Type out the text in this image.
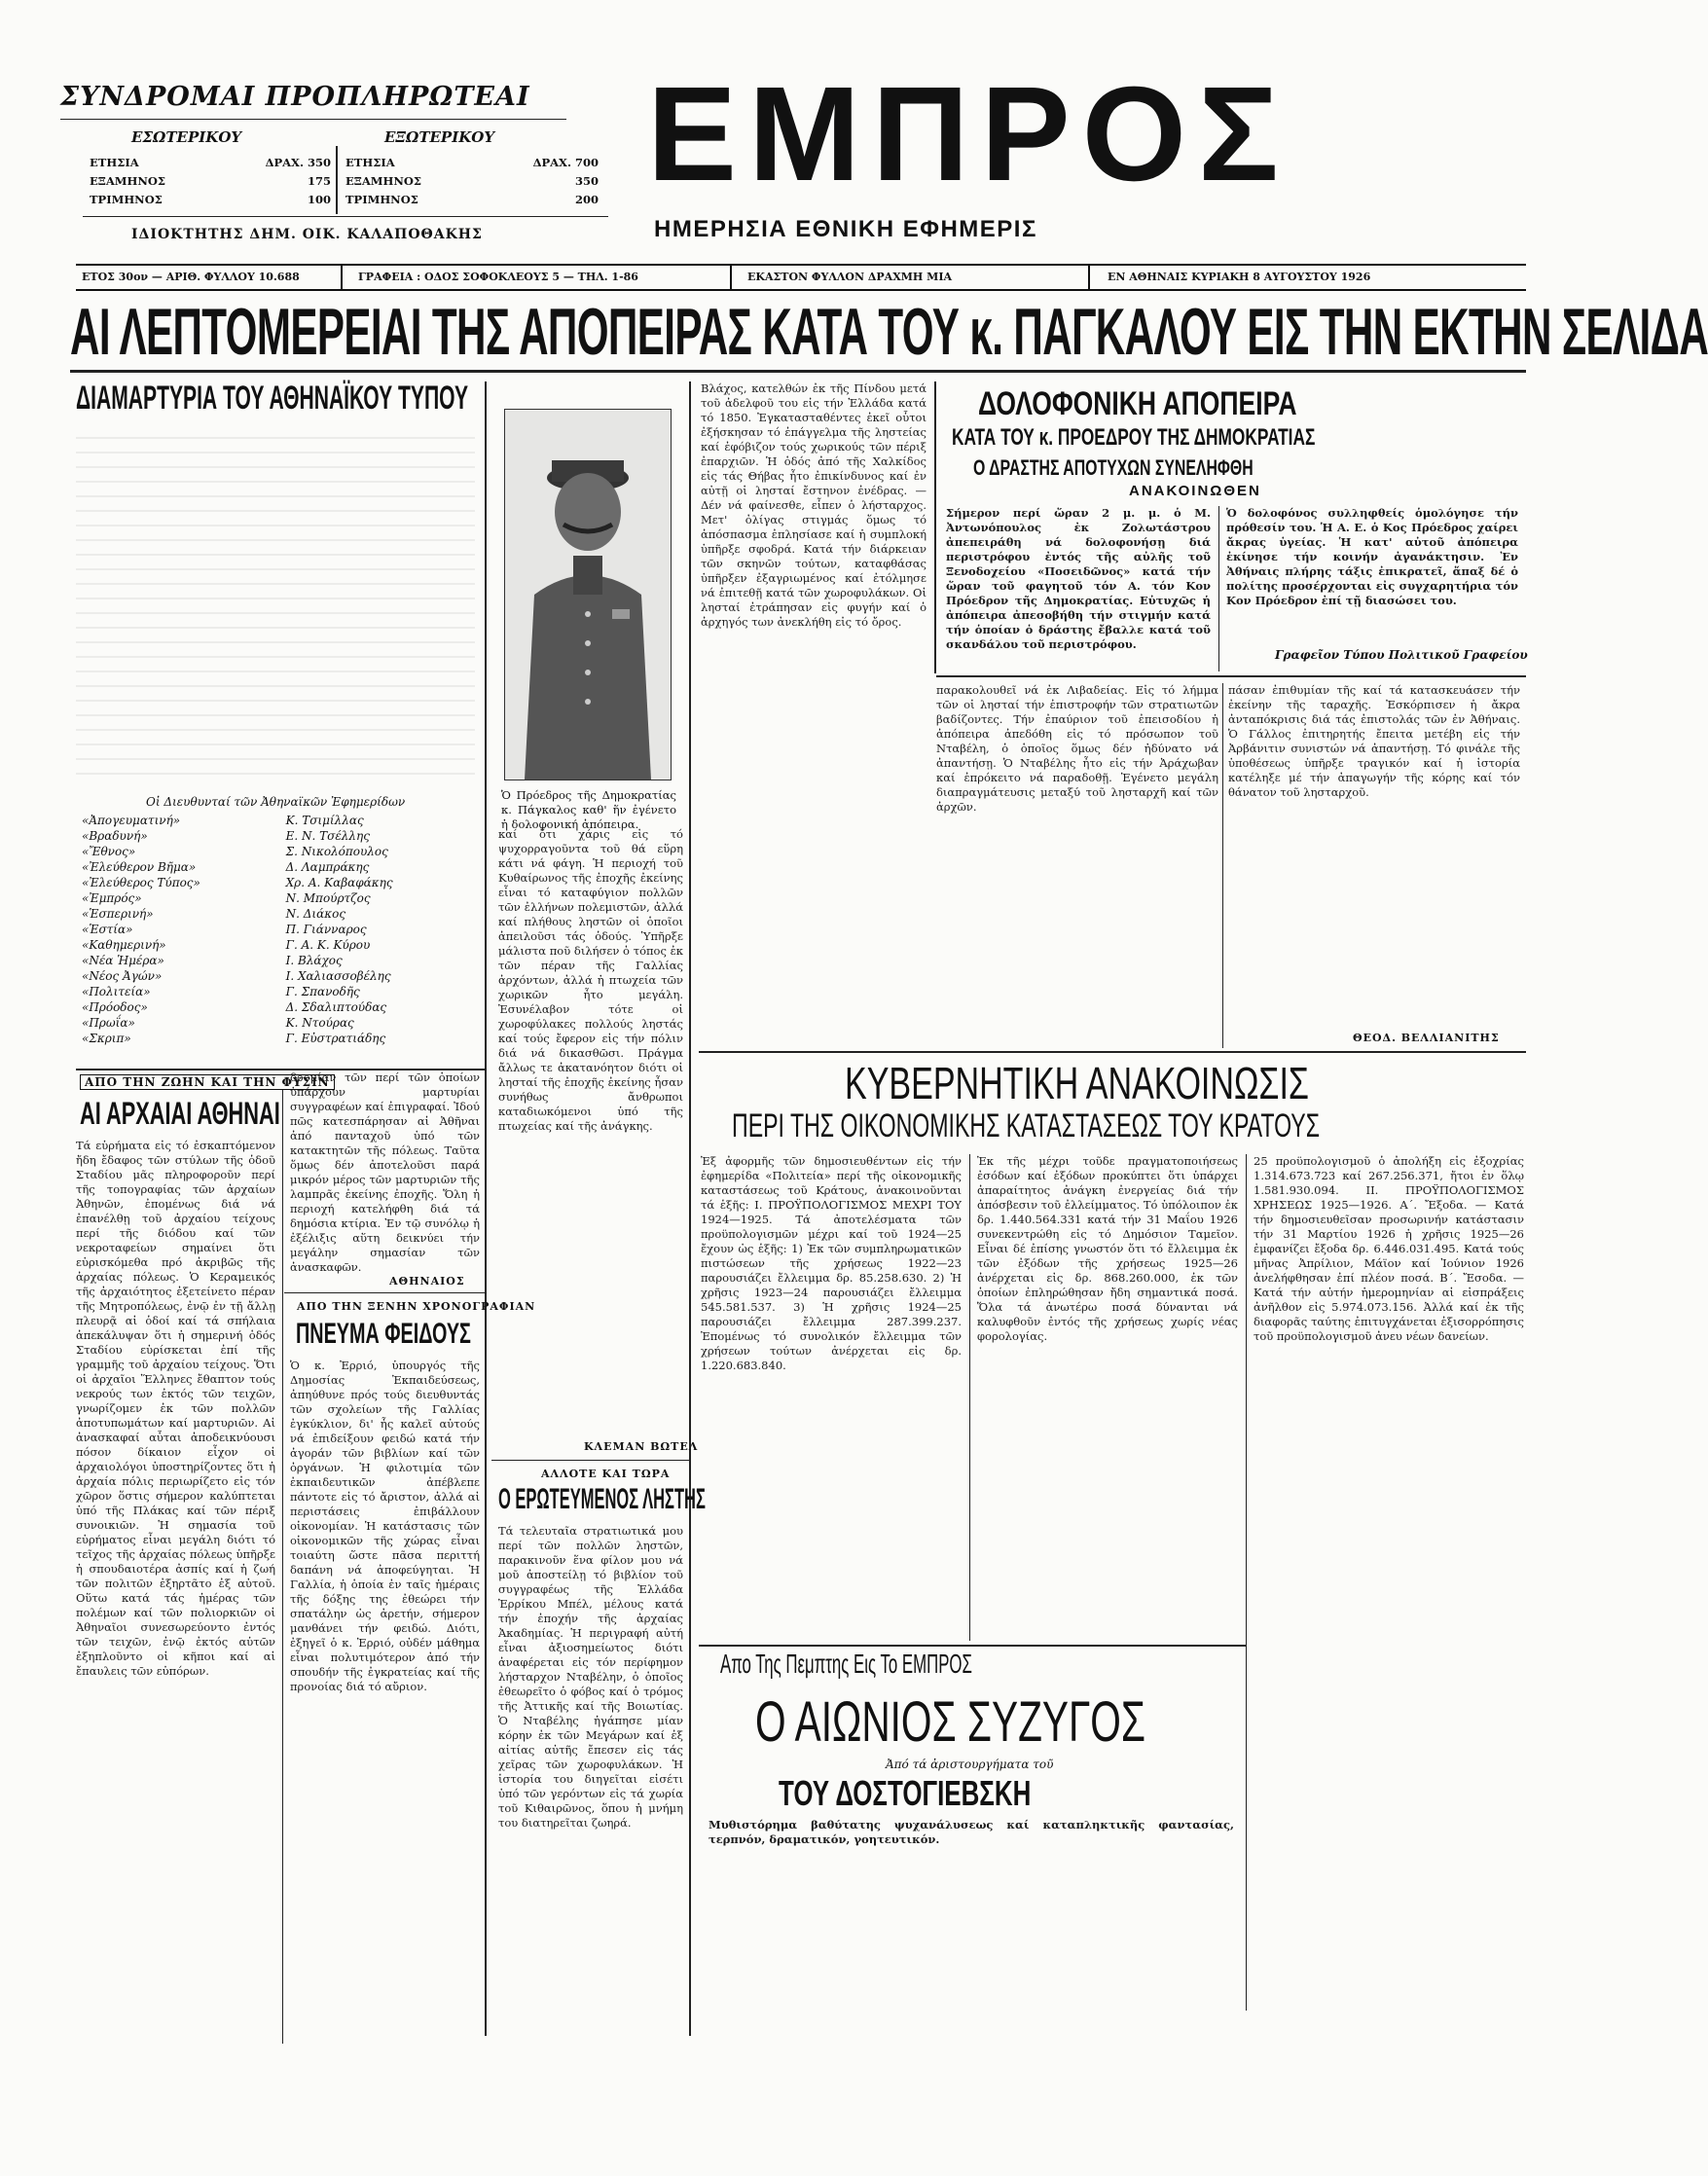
ΣΥΝΔΡΟΜΑΙ ΠΡΟΠΛΗΡΩΤΕΑΙ
ΕΣΩΤΕΡΙΚΟΥ	ΕΞΩΤΕΡΙΚΟΥ
ΕΤΗΣΙΑ	ΔΡΑΧ. 350
ΕΞΑΜΗΝΟΣ	175
ΤΡΙΜΗΝΟΣ	100
ΕΤΗΣΙΑ	ΔΡΑΧ. 700
ΕΞΑΜΗΝΟΣ	350
ΤΡΙΜΗΝΟΣ	200
ΙΔΙΟΚΤΗΤΗΣ ΔΗΜ. ΟΙΚ. ΚΑΛΑΠΟΘΑΚΗΣ
ΕΜΠΡΟΣ
ΗΜΕΡΗΣΙΑ ΕΘΝΙΚΗ ΕΦΗΜΕΡΙΣ
ΕΤΟΣ 30ον — ΑΡΙΘ. ΦΥΛΛΟΥ 10.688	ΓΡΑΦΕΙΑ : ΟΔΟΣ ΣΟΦΟΚΛΕΟΥΣ 5 — ΤΗΛ. 1-86	ΕΚΑΣΤΟΝ ΦΥΛΛΟΝ ΔΡΑΧΜΗ ΜΙΑ	ΕΝ ΑΘΗΝΑΙΣ ΚΥΡΙΑΚΗ 8 ΑΥΓΟΥΣΤΟΥ 1926
ΑΙ ΛΕΠΤΟΜΕΡΕΙΑΙ ΤΗΣ ΑΠΟΠΕΙΡΑΣ ΚΑΤΑ ΤΟΥ κ. ΠΑΓΚΑΛΟΥ ΕΙΣ ΤΗΝ ΕΚΤΗΝ ΣΕΛΙΔΑ
ΔΙΑΜΑΡΤΥΡΙΑ ΤΟΥ ΑΘΗΝΑΪΚΟΥ ΤΥΠΟΥ
Οἱ Διευθυνταί τῶν Ἀθηναϊκῶν Ἐφημερίδων
«Ἀπογευματινή»	Κ. Τσιμίλλας
«Βραδυνή»	Ε. Ν. Τσέλλης
«Ἔθνος»	Σ. Νικολόπουλος
«Ἐλεύθερον Βῆμα»	Δ. Λαμπράκης
«Ἐλεύθερος Τύπος»	Χρ. Α. Καβαφάκης
«Ἐμπρός»	Ν. Μπούρτζος
«Ἑσπερινή»	Ν. Διάκος
«Ἑστία»	Π. Γιάνναρος
«Καθημερινή»	Γ. Α. Κ. Κύρου
«Νέα Ἡμέρα»	Ι. Βλάχος
«Νέος Ἀγών»	Ι. Χαλιασσοβέλης
«Πολιτεία»	Γ. Σπανοδῆς
«Πρόοδος»	Δ. Σδαλιπτούδας
«Πρωΐα»	Κ. Ντούρας
«Σκριπ»	Γ. Εὐστρατιάδης
ΑΠΟ ΤΗΝ ΖΩΗΝ ΚΑΙ ΤΗΝ ΦΥΣΙΝ
ΑΙ ΑΡΧΑΙΑΙ ΑΘΗΝΑΙ
Τά εὑρήματα εἰς τό ἐσκαπτόμενον ἤδη ἔδαφος τῶν στύλων τῆς ὁδοῦ Σταδίου μᾶς πληροφοροῦν περί τῆς τοπογραφίας τῶν ἀρχαίων Ἀθηνῶν, ἐπομένως διά νά ἐπανέλθῃ τοῦ ἀρχαίου τείχους περί τῆς διόδου καί τῶν νεκροταφείων σημαίνει ὅτι εὑρισκόμεθα πρό ἀκριβῶς τῆς ἀρχαίας πόλεως. Ὁ Κεραμεικός τῆς ἀρχαιότητος ἐξετείνετο πέραν τῆς Μητροπόλεως, ἐνῷ ἐν τῇ ἄλλῃ πλευρᾷ αἱ ὁδοί καί τά σπήλαια ἀπεκάλυψαν ὅτι ἡ σημερινή ὁδός Σταδίου εὑρίσκεται ἐπί τῆς γραμμῆς τοῦ ἀρχαίου τείχους. Ὅτι οἱ ἀρχαῖοι Ἕλληνες ἔθαπτον τούς νεκρούς των ἐκτός τῶν τειχῶν, γνωρίζομεν ἐκ τῶν πολλῶν ἀποτυπωμάτων καί μαρτυριῶν. Αἱ ἀνασκαφαί αὗται ἀποδεικνύουσι πόσον δίκαιον εἶχον οἱ ἀρχαιολόγοι ὑποστηρίζοντες ὅτι ἡ ἀρχαία πόλις περιωρίζετο εἰς τόν χῶρον ὅστις σήμερον καλύπτεται ὑπό τῆς Πλάκας καί τῶν πέριξ συνοικιῶν. Ἡ σημασία τοῦ εὑρήματος εἶναι μεγάλη διότι τό τεῖχος τῆς ἀρχαίας πόλεως ὑπῆρξε ἡ σπουδαιοτέρα ἀσπίς καί ἡ ζωή τῶν πολιτῶν ἐξηρτᾶτο ἐξ αὐτοῦ. Οὕτω κατά τάς ἡμέρας τῶν πολέμων καί τῶν πολιορκιῶν οἱ Ἀθηναῖοι συνεσωρεύοντο ἐντός τῶν τειχῶν, ἐνῷ ἐκτός αὐτῶν ἐξηπλοῦντο οἱ κῆποι καί αἱ ἔπαυλεις τῶν εὐπόρων.
δρομίαν τῶν περί τῶν ὁποίων ὑπάρχουν μαρτυρίαι συγγραφέων καί ἐπιγραφαί. Ἰδού πῶς κατεσπάρησαν αἱ Ἀθῆναι ἀπό πανταχοῦ ὑπό τῶν κατακτητῶν τῆς πόλεως. Ταῦτα ὅμως δέν ἀποτελοῦσι παρά μικρόν μέρος τῶν μαρτυριῶν τῆς λαμπρᾶς ἐκείνης ἐποχῆς. Ὅλη ἡ περιοχή κατελήφθη διά τά δημόσια κτίρια. Ἐν τῷ συνόλῳ ἡ ἐξέλιξις αὕτη δεικνύει τήν μεγάλην σημασίαν τῶν ἀνασκαφῶν.
ΑΘΗΝΑΙΟΣ
ΑΠΟ ΤΗΝ ΞΕΝΗΝ ΧΡΟΝΟΓΡΑΦΙΑΝ
ΠΝΕΥΜΑ ΦΕΙΔΟΥΣ
Ὁ κ. Ἐρριό, ὑπουργός τῆς Δημοσίας Ἐκπαιδεύσεως, ἀπηύθυνε πρός τούς διευθυντάς τῶν σχολείων τῆς Γαλλίας ἐγκύκλιον, δι' ἧς καλεῖ αὐτούς νά ἐπιδείξουν φειδώ κατά τήν ἀγοράν τῶν βιβλίων καί τῶν ὀργάνων. Ἡ φιλοτιμία τῶν ἐκπαιδευτικῶν ἀπέβλεπε πάντοτε εἰς τό ἄριστον, ἀλλά αἱ περιστάσεις ἐπιβάλλουν οἰκονομίαν. Ἡ κατάστασις τῶν οἰκονομικῶν τῆς χώρας εἶναι τοιαύτη ὥστε πᾶσα περιττή δαπάνη νά ἀποφεύγηται. Ἡ Γαλλία, ἡ ὁποία ἐν ταῖς ἡμέραις τῆς δόξης της ἐθεώρει τήν σπατάλην ὡς ἀρετήν, σήμερον μανθάνει τήν φειδώ. Διότι, ἐξηγεῖ ὁ κ. Ἐρριό, οὐδέν μάθημα εἶναι πολυτιμότερον ἀπό τήν σπουδήν τῆς ἐγκρατείας καί τῆς προνοίας διά τό αὔριον.
Ὁ Πρόεδρος τῆς Δημοκρατίας κ. Πάγκαλος καθ' ἥν ἐγένετο ἡ δολοφονική ἀπόπειρα.
καί ὅτι χάρις εἰς τό ψυχορραγοῦντα τοῦ θά εὕρη κάτι νά φάγη. Ἡ περιοχή τοῦ Κυθαίρωνος τῆς ἐποχῆς ἐκείνης εἶναι τό καταφύγιον πολλῶν τῶν ἐλλήνων πολεμιστῶν, ἀλλά καί πλήθους ληστῶν οἱ ὁποῖοι ἀπειλοῦσι τάς ὁδούς. Ὑπῆρξε μάλιστα ποῦ διλήσεν ὁ τόπος ἐκ τῶν πέραν τῆς Γαλλίας ἀρχόντων, ἀλλά ἡ πτωχεία τῶν χωρικῶν ἦτο μεγάλη. Ἐσυνέλαβον τότε οἱ χωροφύλακες πολλούς ληστάς καί τούς ἔφερον εἰς τήν πόλιν διά νά δικασθῶσι. Πράγμα ἄλλως τε ἀκατανόητον διότι οἱ λησταί τῆς ἐποχῆς ἐκείνης ἦσαν συνήθως ἄνθρωποι καταδιωκόμενοι ὑπό τῆς πτωχείας καί τῆς ἀνάγκης.
ΚΛΕΜΑΝ ΒΩΤΕΛ
ΑΛΛΟΤΕ ΚΑΙ ΤΩΡΑ
Ο ΕΡΩΤΕΥΜΕΝΟΣ ΛΗΣΤΗΣ
Τά τελευταῖα στρατιωτικά μου περί τῶν πολλῶν ληστῶν, παρακινοῦν ἕνα φίλον μου νά μοῦ ἀποστείλῃ τό βιβλίον τοῦ συγγραφέως τῆς Ἑλλάδα Ἐρρίκου Μπέλ, μέλους κατά τήν ἐποχήν τῆς ἀρχαίας Ἀκαδημίας. Ἡ περιγραφή αὐτή εἶναι ἀξιοσημείωτος διότι ἀναφέρεται εἰς τόν περίφημον λήσταρχον Νταβέλην, ὁ ὁποῖος ἐθεωρεῖτο ὁ φόβος καί ὁ τρόμος τῆς Ἀττικῆς καί τῆς Βοιωτίας. Ὁ Νταβέλης ἠγάπησε μίαν κόρην ἐκ τῶν Μεγάρων καί ἐξ αἰτίας αὐτῆς ἔπεσεν εἰς τάς χεῖρας τῶν χωροφυλάκων. Ἡ ἱστορία του διηγεῖται εἰσέτι ὑπό τῶν γερόντων εἰς τά χωρία τοῦ Κιθαιρῶνος, ὅπου ἡ μνήμη του διατηρεῖται ζωηρά.
Βλάχος, κατελθών ἐκ τῆς Πίνδου μετά τοῦ ἀδελφοῦ του εἰς τήν Ἑλλάδα κατά τό 1850. Ἐγκατασταθέντες ἐκεῖ οὗτοι ἐξήσκησαν τό ἐπάγγελμα τῆς ληστείας καί ἐφόβιζον τούς χωρικούς τῶν πέριξ ἐπαρχιῶν. Ἡ ὁδός ἀπό τῆς Χαλκίδος εἰς τάς Θήβας ἦτο ἐπικίνδυνος καί ἐν αὐτῇ οἱ λησταί ἔστηνον ἐνέδρας. — Δέν νά φαίνεσθε, εἶπεν ὁ λήσταρχος. Μετ' ὀλίγας στιγμάς ὅμως τό ἀπόσπασμα ἐπλησίασε καί ἡ συμπλοκή ὑπῆρξε σφοδρά. Κατά τήν διάρκειαν τῶν σκηνῶν τούτων, καταφθάσας ὑπῆρξεν ἐξαγριωμένος καί ἐτόλμησε νά ἐπιτεθῇ κατά τῶν χωροφυλάκων. Οἱ λησταί ἐτράπησαν εἰς φυγήν καί ὁ ἀρχηγός των ἀνεκλήθη εἰς τό ὄρος.
ΔΟΛΟΦΟΝΙΚΗ ΑΠΟΠΕΙΡΑ
ΚΑΤΑ ΤΟΥ κ. ΠΡΟΕΔΡΟΥ ΤΗΣ ΔΗΜΟΚΡΑΤΙΑΣ
Ο ΔΡΑΣΤΗΣ ΑΠΟΤΥΧΩΝ ΣΥΝΕΛΗΦΘΗ
ΑΝΑΚΟΙΝΩΘΕΝ
Σήμερον περί ὥραν 2 μ. μ. ὁ Μ. Ἀντωνόπουλος ἐκ Ζολωτάστρου ἀπεπειράθη νά δολοφονήσῃ διά περιστρόφου ἐντός τῆς αὐλῆς τοῦ Ξενοδοχείου «Ποσειδῶνος» κατά τήν ὥραν τοῦ φαγητοῦ τόν Α. τόν Κον Πρόεδρον τῆς Δημοκρατίας. Εὐτυχῶς ἡ ἀπόπειρα ἀπεσοβήθη τήν στιγμήν κατά τήν ὁποίαν ὁ δράστης ἔβαλλε κατά τοῦ σκανδάλου τοῦ περιστρόφου.
Ὁ δολοφόνος συλληφθείς ὁμολόγησε τήν πρόθεσίν του. Ἡ Α. Ε. ὁ Κος Πρόεδρος χαίρει ἄκρας ὑγείας. Ἡ κατ' αὐτοῦ ἀπόπειρα ἐκίνησε τήν κοινήν ἀγανάκτησιν. Ἐν Ἀθήναις πλήρης τάξις ἐπικρατεῖ, ἅπαξ δέ ὁ πολίτης προσέρχονται εἰς συγχαρητήρια τόν Κον Πρόεδρον ἐπί τῇ διασώσει του.
Γραφεῖον Τύπου Πολιτικοῦ Γραφείου
παρακολουθεῖ νά ἐκ Λιβαδείας. Εἰς τό λήμμα τῶν οἱ λησταί τήν ἐπιστροφήν τῶν στρατιωτῶν βαδίζοντες. Τήν ἐπαύριον τοῦ ἐπεισοδίου ἡ ἀπόπειρα ἀπεδόθη εἰς τό πρόσωπον τοῦ Νταβέλη, ὁ ὁποῖος ὅμως δέν ἠδύνατο νά ἀπαντήσῃ. Ὁ Νταβέλης ἦτο εἰς τήν Ἀράχωβαν καί ἐπρόκειτο νά παραδοθῇ. Ἐγένετο μεγάλη διαπραγμάτευσις μεταξύ τοῦ λησταρχῆ καί τῶν ἀρχῶν.
πάσαν ἐπιθυμίαν τῆς καί τά κατασκευάσεν τήν ἐκείνην τῆς ταραχῆς. Ἐσκόρπισεν ἡ ἄκρα ἀνταπόκρισις διά τάς ἐπιστολάς τῶν ἐν Ἀθήναις. Ὁ Γάλλος ἐπιτηρητής ἔπειτα μετέβη εἰς τήν Ἀρβάνιτιν συνιστών νά ἀπαντήσῃ. Τό φινάλε τῆς ὑποθέσεως ὑπῆρξε τραγικόν καί ἡ ἱστορία κατέληξε μέ τήν ἀπαγωγήν τῆς κόρης καί τόν θάνατον τοῦ λησταρχοῦ.
ΘΕΟΔ. ΒΕΛΛΙΑΝΙΤΗΣ
ΚΥΒΕΡΝΗΤΙΚΗ ΑΝΑΚΟΙΝΩΣΙΣ
ΠΕΡΙ ΤΗΣ ΟΙΚΟΝΟΜΙΚΗΣ ΚΑΤΑΣΤΑΣΕΩΣ ΤΟΥ ΚΡΑΤΟΥΣ
Ἐξ ἀφορμῆς τῶν δημοσιευθέντων εἰς τήν ἐφημερίδα «Πολιτεία» περί τῆς οἰκονομικῆς καταστάσεως τοῦ Κράτους, ἀνακοινοῦνται τά ἑξῆς: Ι. ΠΡΟΫΠΟΛΟΓΙΣΜΟΣ ΜΕΧΡΙ ΤΟΥ 1924—1925. Τά ἀποτελέσματα τῶν προϋπολογισμῶν μέχρι καί τοῦ 1924—25 ἔχουν ὡς ἑξῆς: 1) Ἐκ τῶν συμπληρωματικῶν πιστώσεων τῆς χρήσεως 1922—23 παρουσιάζει ἔλλειμμα δρ. 85.258.630. 2) Ἡ χρῆσις 1923—24 παρουσιάζει ἔλλειμμα 545.581.537. 3) Ἡ χρῆσις 1924—25 παρουσιάζει ἔλλειμμα 287.399.237. Ἐπομένως τό συνολικόν ἔλλειμμα τῶν χρήσεων τούτων ἀνέρχεται εἰς δρ. 1.220.683.840.
Ἐκ τῆς μέχρι τοῦδε πραγματοποιήσεως ἐσόδων καί ἐξόδων προκύπτει ὅτι ὑπάρχει ἀπαραίτητος ἀνάγκη ἐνεργείας διά τήν ἀπόσβεσιν τοῦ ἐλλείμματος. Τό ὑπόλοιπον ἐκ δρ. 1.440.564.331 κατά τήν 31 Μαΐου 1926 συνεκεντρώθη εἰς τό Δημόσιον Ταμεῖον. Εἶναι δέ ἐπίσης γνωστόν ὅτι τό ἔλλειμμα ἐκ τῶν ἐξόδων τῆς χρήσεως 1925—26 ἀνέρχεται εἰς δρ. 868.260.000, ἐκ τῶν ὁποίων ἐπληρώθησαν ἤδη σημαντικά ποσά. Ὅλα τά ἀνωτέρω ποσά δύνανται νά καλυφθοῦν ἐντός τῆς χρήσεως χωρίς νέας φορολογίας.
25 προϋπολογισμοῦ ὁ ἀπολήξη εἰς ἐξοχρίας 1.314.673.723 καί 267.256.371, ἤτοι ἐν ὅλῳ 1.581.930.094. ΙΙ. ΠΡΟΫΠΟΛΟΓΙΣΜΟΣ ΧΡΗΣΕΩΣ 1925—1926. Α΄. Ἔξοδα. — Κατά τήν δημοσιευθεῖσαν προσωρινήν κατάστασιν τήν 31 Μαρτίου 1926 ἡ χρῆσις 1925—26 ἐμφανίζει ἔξοδα δρ. 6.446.031.495. Κατά τούς μῆνας Ἀπρίλιον, Μάϊον καί Ἰούνιον 1926 ἀνελήφθησαν ἐπί πλέον ποσά. Β΄. Ἔσοδα. — Κατά τήν αὐτήν ἡμερομηνίαν αἱ εἰσπράξεις ἀνῆλθον εἰς 5.974.073.156. Ἀλλά καί ἐκ τῆς διαφορᾶς ταύτης ἐπιτυγχάνεται ἐξισορρόπησις τοῦ προϋπολογισμοῦ ἀνευ νέων δανείων.
Απο Της Πεμπτης Εις Το ΕΜΠΡΟΣ
Ο ΑΙΩΝΙΟΣ ΣΥΖΥΓΟΣ
Ἀπό τά ἀριστουργήματα τοῦ
ΤΟΥ ΔΟΣΤΟΓΙΕΒΣΚΗ
Μυθιστόρημα βαθύτατης ψυχανάλυσεως καί καταπληκτικῆς φαντασίας, τερπνόν, δραματικόν, γοητευτικόν.
